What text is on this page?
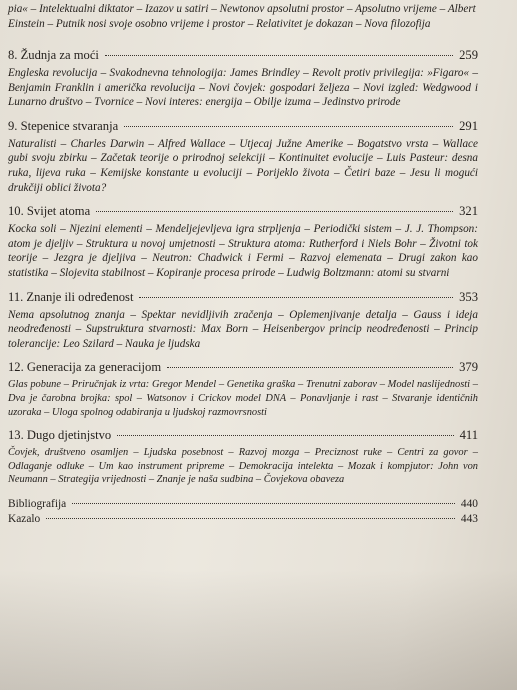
pia« – Intelektualni diktator – Izazov u satiri – Newtonov apsolutni prostor – Apsolutno vrijeme – Albert Einstein – Putnik nosi svoje osobno vrijeme i prostor – Relativitet je dokazan – Nova filozofija

8. Žudnja za moći	259

Engleska revolucija – Svakodnevna tehnologija: James Brindley – Revolt protiv privilegija: »Figaro« – Benjamin Franklin i američka revolucija – Novi čovjek: gospodari željeza – Novi izgled: Wedgwood i Lunarno društvo – Tvornice – Novi interes: energija – Obilje izuma – Jedinstvo prirode

9. Stepenice stvaranja	291

Naturalisti – Charles Darwin – Alfred Wallace – Utjecaj Južne Amerike – Bogatstvo vrsta – Wallace gubi svoju zbirku – Začetak teorije o prirodnoj selekciji – Kontinuitet evolucije – Luis Pasteur: desna ruka, lijeva ruka – Kemijske konstante u evoluciji – Porijeklo života – Četiri baze – Jesu li mogući drukčiji oblici života?

10. Svijet atoma	321

Kocka soli – Njezini elementi – Mendeljejevljeva igra strpljenja – Periodički sistem – J. J. Thompson: atom je djeljiv – Struktura u novoj umjetnosti – Struktura atoma: Rutherford i Niels Bohr – Životni tok teorije – Jezgra je djeljiva – Neutron: Chadwick i Fermi – Razvoj elemenata – Drugi zakon kao statistika – Slojevita stabilnost – Kopiranje procesa prirode – Ludwig Boltzmann: atomi su stvarni

11. Znanje ili određenost	353

Nema apsolutnog znanja – Spektar nevidljivih zračenja – Oplemenjivanje detalja – Gauss i ideja neodređenosti – Supstruktura stvarnosti: Max Born – Heisenbergov princip neodređenosti – Princip tolerancije: Leo Szilard – Nauka je ljudska

12. Generacija za generacijom	379

Glas pobune – Priručnjak iz vrta: Gregor Mendel – Genetika graška – Trenutni zaborav – Model naslijednosti – Dva je čarobna brojka: spol – Watsonov i Crickov model DNA – Ponavljanje i rast – Stvaranje identičnih uzoraka – Uloga spolnog odabiranja u ljudskoj razmovrsnosti

13. Dugo djetinjstvo	411

Čovjek, društveno osamljen – Ljudska posebnost – Razvoj mozga – Preciznost ruke – Centri za govor – Odlaganje odluke – Um kao instrument pripreme – Demokracija intelekta – Mozak i kompjutor: John von Neumann – Strategija vrijednosti – Znanje je naša sudbina – Čovjekova obaveza

Bibliografija	440
Kazalo	443
